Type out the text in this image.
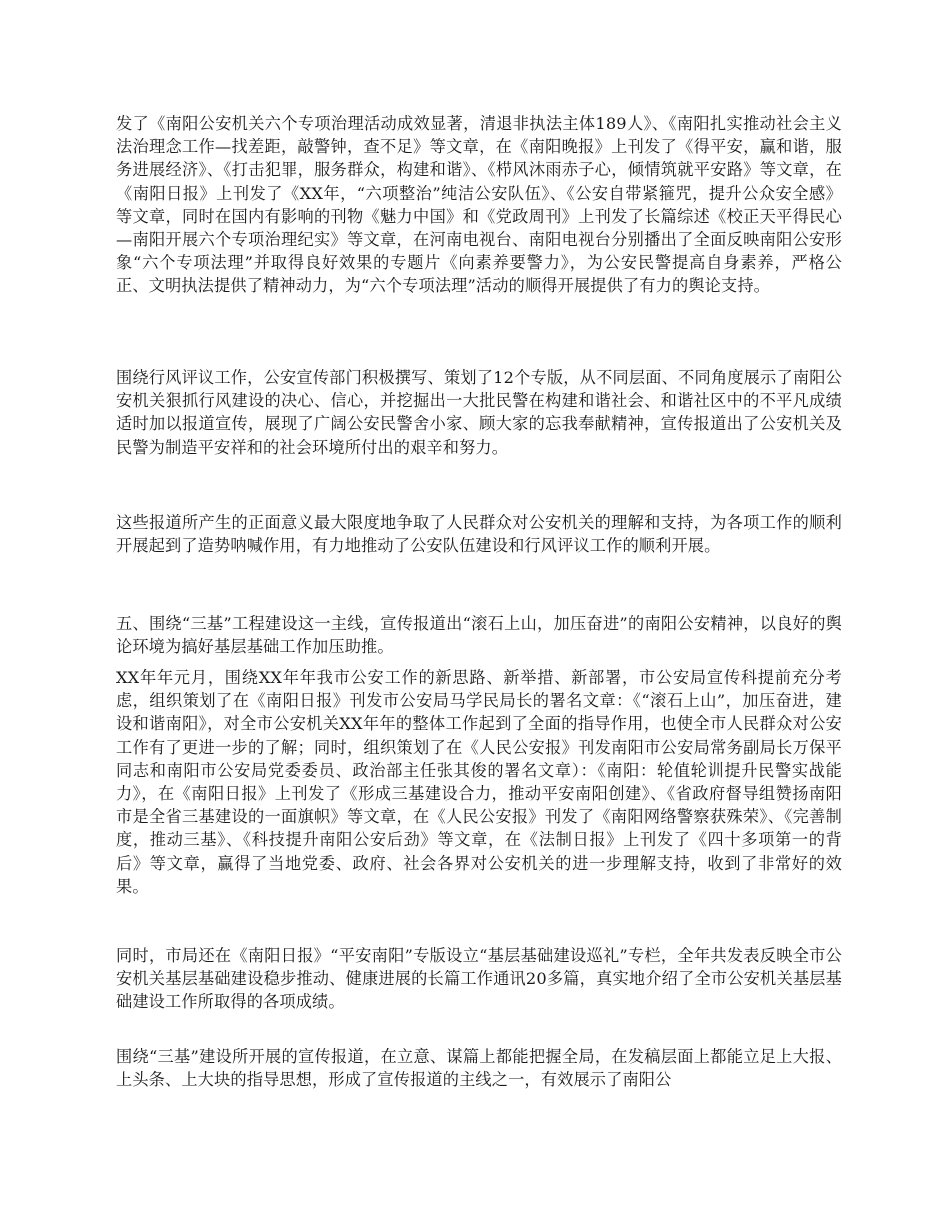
发了《南阳公安机关六个专项治理活动成效显著，清退非执法主体189人》、《南阳扎实推动社会主义法治理念工作—找差距，敲警钟，查不足》等文章，在《南阳晚报》上刊发了《得平安，赢和谐，服务进展经济》、《打击犯罪，服务群众，构建和谐》、《栉风沐雨赤子心，倾情筑就平安路》等文章，在《南阳日报》上刊发了《XX年，“六项整治”纯洁公安队伍》、《公安自带紧箍咒，提升公众安全感》等文章，同时在国内有影响的刊物《魅力中国》和《党政周刊》上刊发了长篇综述《校正天平得民心—南阳开展六个专项治理纪实》等文章，在河南电视台、南阳电视台分别播出了全面反映南阳公安形象“六个专项法理”并取得良好效果的专题片《向素养要警力》，为公安民警提高自身素养，严格公正、文明执法提供了精神动力，为“六个专项法理”活动的顺得开展提供了有力的舆论支持。

围绕行风评议工作，公安宣传部门积极撰写、策划了12个专版，从不同层面、不同角度展示了南阳公安机关狠抓行风建设的决心、信心，并挖掘出一大批民警在构建和谐社会、和谐社区中的不平凡成绩适时加以报道宣传，展现了广阔公安民警舍小家、顾大家的忘我奉献精神，宣传报道出了公安机关及民警为制造平安祥和的社会环境所付出的艰辛和努力。

这些报道所产生的正面意义最大限度地争取了人民群众对公安机关的理解和支持，为各项工作的顺利开展起到了造势呐喊作用，有力地推动了公安队伍建设和行风评议工作的顺利开展。

五、围绕“三基”工程建设这一主线，宣传报道出“滚石上山，加压奋进”的南阳公安精神，以良好的舆论环境为搞好基层基础工作加压助推。

XX年年元月，围绕XX年年我市公安工作的新思路、新举措、新部署，市公安局宣传科提前充分考虑，组织策划了在《南阳日报》刊发市公安局马学民局长的署名文章：《“滚石上山”，加压奋进，建设和谐南阳》，对全市公安机关XX年年的整体工作起到了全面的指导作用，也使全市人民群众对公安工作有了更进一步的了解；同时，组织策划了在《人民公安报》刊发南阳市公安局常务副局长万保平同志和南阳市公安局党委委员、政治部主任张其俊的署名文章）：《南阳：轮值轮训提升民警实战能力》，在《南阳日报》上刊发了《形成三基建设合力，推动平安南阳创建》、《省政府督导组赞扬南阳市是全省三基建设的一面旗帜》等文章，在《人民公安报》刊发了《南阳网络警察获殊荣》、《完善制度，推动三基》、《科技提升南阳公安后劲》等文章，在《法制日报》上刊发了《四十多项第一的背后》等文章，赢得了当地党委、政府、社会各界对公安机关的进一步理解支持，收到了非常好的效果。

同时，市局还在《南阳日报》“平安南阳”专版设立“基层基础建设巡礼”专栏，全年共发表反映全市公安机关基层基础建设稳步推动、健康进展的长篇工作通讯20多篇，真实地介绍了全市公安机关基层基础建设工作所取得的各项成绩。

围绕“三基”建设所开展的宣传报道，在立意、谋篇上都能把握全局，在发稿层面上都能立足上大报、上头条、上大块的指导思想，形成了宣传报道的主线之一，有效展示了南阳公
